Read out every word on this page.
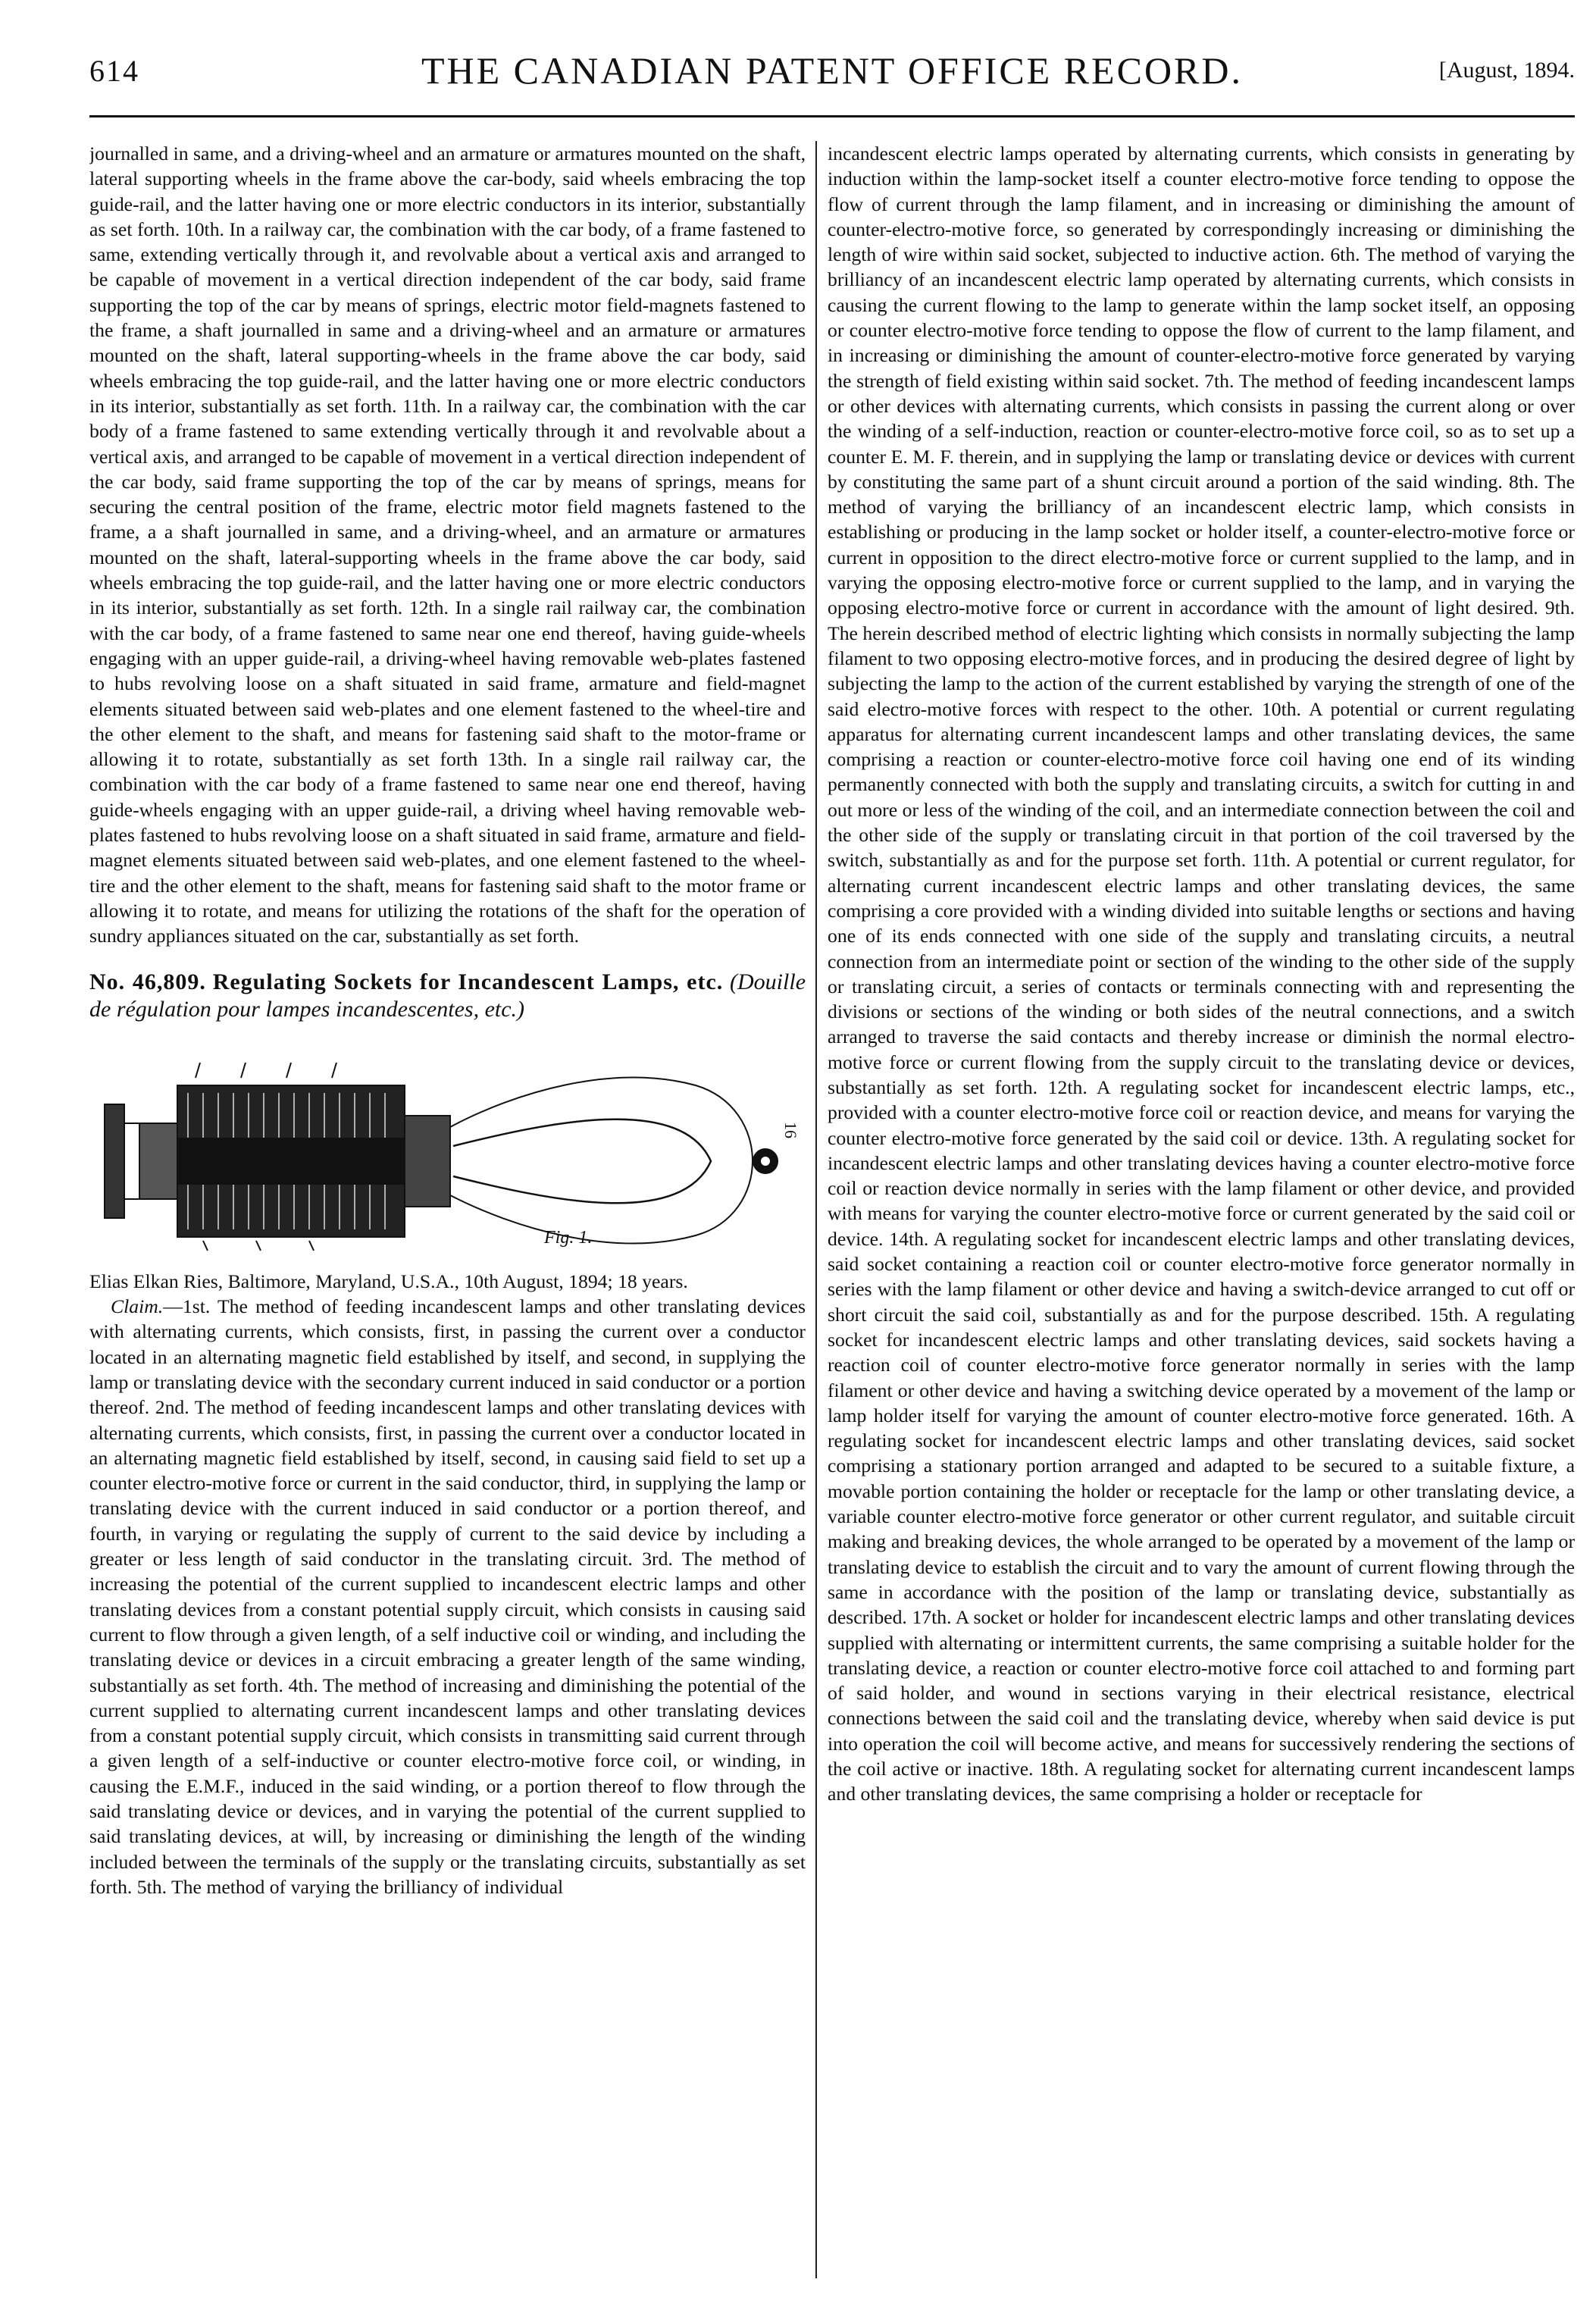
614	THE CANADIAN PATENT OFFICE RECORD.	[August, 1894.

journalled in same, and a driving-wheel and an armature or armatures mounted on the shaft, lateral supporting wheels in the frame above the car-body, said wheels embracing the top guide-rail, and the latter having one or more electric conductors in its interior, substantially as set forth. 10th. In a railway car, the combination with the car body, of a frame fastened to same, extending vertically through it, and revolvable about a vertical axis and arranged to be capable of movement in a vertical direction independent of the car body, said frame supporting the top of the car by means of springs, electric motor field-magnets fastened to the frame, a shaft journalled in same and a driving-wheel and an armature or armatures mounted on the shaft, lateral supporting-wheels in the frame above the car body, said wheels embracing the top guide-rail, and the latter having one or more electric conductors in its interior, substantially as set forth. 11th. In a railway car, the combination with the car body of a frame fastened to same extending vertically through it and revolvable about a vertical axis, and arranged to be capable of movement in a vertical direction independent of the car body, said frame supporting the top of the car by means of springs, means for securing the central position of the frame, electric motor field magnets fastened to the frame, a a shaft journalled in same, and a driving-wheel, and an armature or armatures mounted on the shaft, lateral-supporting wheels in the frame above the car body, said wheels embracing the top guide-rail, and the latter having one or more electric conductors in its interior, substantially as set forth. 12th. In a single rail railway car, the combination with the car body, of a frame fastened to same near one end thereof, having guide-wheels engaging with an upper guide-rail, a driving-wheel having removable web-plates fastened to hubs revolving loose on a shaft situated in said frame, armature and field-magnet elements situated between said web-plates and one element fastened to the wheel-tire and the other element to the shaft, and means for fastening said shaft to the motor-frame or allowing it to rotate, substantially as set forth 13th. In a single rail railway car, the combination with the car body of a frame fastened to same near one end thereof, having guide-wheels engaging with an upper guide-rail, a driving wheel having removable web-plates fastened to hubs revolving loose on a shaft situated in said frame, armature and field-magnet elements situated between said web-plates, and one element fastened to the wheel-tire and the other element to the shaft, means for fastening said shaft to the motor frame or allowing it to rotate, and means for utilizing the rotations of the shaft for the operation of sundry appliances situated on the car, substantially as set forth.

No. 46,809. Regulating Sockets for Incandescent Lamps, etc. (Douille de régulation pour lampes incandescentes, etc.)

Fig. 1.
16

Elias Elkan Ries, Baltimore, Maryland, U.S.A., 10th August, 1894; 18 years.

Claim.—1st. The method of feeding incandescent lamps and other translating devices with alternating currents, which consists, first, in passing the current over a conductor located in an alternating magnetic field established by itself, and second, in supplying the lamp or translating device with the secondary current induced in said conductor or a portion thereof. 2nd. The method of feeding incandescent lamps and other translating devices with alternating currents, which consists, first, in passing the current over a conductor located in an alternating magnetic field established by itself, second, in causing said field to set up a counter electro-motive force or current in the said conductor, third, in supplying the lamp or translating device with the current induced in said conductor or a portion thereof, and fourth, in varying or regulating the supply of current to the said device by including a greater or less length of said conductor in the translating circuit. 3rd. The method of increasing the potential of the current supplied to incandescent electric lamps and other translating devices from a constant potential supply circuit, which consists in causing said current to flow through a given length, of a self inductive coil or winding, and including the translating device or devices in a circuit embracing a greater length of the same winding, substantially as set forth. 4th. The method of increasing and diminishing the potential of the current supplied to alternating current incandescent lamps and other translating devices from a constant potential supply circuit, which consists in transmitting said current through a given length of a self-inductive or counter electro-motive force coil, or winding, in causing the E.M.F., induced in the said winding, or a portion thereof to flow through the said translating device or devices, and in varying the potential of the current supplied to said translating devices, at will, by increasing or diminishing the length of the winding included between the terminals of the supply or the translating circuits, substantially as set forth. 5th. The method of varying the brilliancy of individual

incandescent electric lamps operated by alternating currents, which consists in generating by induction within the lamp-socket itself a counter electro-motive force tending to oppose the flow of current through the lamp filament, and in increasing or diminishing the amount of counter-electro-motive force, so generated by correspondingly increasing or diminishing the length of wire within said socket, subjected to inductive action. 6th. The method of varying the brilliancy of an incandescent electric lamp operated by alternating currents, which consists in causing the current flowing to the lamp to generate within the lamp socket itself, an opposing or counter electro-motive force tending to oppose the flow of current to the lamp filament, and in increasing or diminishing the amount of counter-electro-motive force generated by varying the strength of field existing within said socket. 7th. The method of feeding incandescent lamps or other devices with alternating currents, which consists in passing the current along or over the winding of a self-induction, reaction or counter-electro-motive force coil, so as to set up a counter E. M. F. therein, and in supplying the lamp or translating device or devices with current by constituting the same part of a shunt circuit around a portion of the said winding. 8th. The method of varying the brilliancy of an incandescent electric lamp, which consists in establishing or producing in the lamp socket or holder itself, a counter-electro-motive force or current in opposition to the direct electro-motive force or current supplied to the lamp, and in varying the opposing electro-motive force or current supplied to the lamp, and in varying the opposing electro-motive force or current in accordance with the amount of light desired. 9th. The herein described method of electric lighting which consists in normally subjecting the lamp filament to two opposing electro-motive forces, and in producing the desired degree of light by subjecting the lamp to the action of the current established by varying the strength of one of the said electro-motive forces with respect to the other. 10th. A potential or current regulating apparatus for alternating current incandescent lamps and other translating devices, the same comprising a reaction or counter-electro-motive force coil having one end of its winding permanently connected with both the supply and translating circuits, a switch for cutting in and out more or less of the winding of the coil, and an intermediate connection between the coil and the other side of the supply or translating circuit in that portion of the coil traversed by the switch, substantially as and for the purpose set forth. 11th. A potential or current regulator, for alternating current incandescent electric lamps and other translating devices, the same comprising a core provided with a winding divided into suitable lengths or sections and having one of its ends connected with one side of the supply and translating circuits, a neutral connection from an intermediate point or section of the winding to the other side of the supply or translating circuit, a series of contacts or terminals connecting with and representing the divisions or sections of the winding or both sides of the neutral connections, and a switch arranged to traverse the said contacts and thereby increase or diminish the normal electro-motive force or current flowing from the supply circuit to the translating device or devices, substantially as set forth. 12th. A regulating socket for incandescent electric lamps, etc., provided with a counter electro-motive force coil or reaction device, and means for varying the counter electro-motive force generated by the said coil or device. 13th. A regulating socket for incandescent electric lamps and other translating devices having a counter electro-motive force coil or reaction device normally in series with the lamp filament or other device, and provided with means for varying the counter electro-motive force or current generated by the said coil or device. 14th. A regulating socket for incandescent electric lamps and other translating devices, said socket containing a reaction coil or counter electro-motive force generator normally in series with the lamp filament or other device and having a switch-device arranged to cut off or short circuit the said coil, substantially as and for the purpose described. 15th. A regulating socket for incandescent electric lamps and other translating devices, said sockets having a reaction coil of counter electro-motive force generator normally in series with the lamp filament or other device and having a switching device operated by a movement of the lamp or lamp holder itself for varying the amount of counter electro-motive force generated. 16th. A regulating socket for incandescent electric lamps and other translating devices, said socket comprising a stationary portion arranged and adapted to be secured to a suitable fixture, a movable portion containing the holder or receptacle for the lamp or other translating device, a variable counter electro-motive force generator or other current regulator, and suitable circuit making and breaking devices, the whole arranged to be operated by a movement of the lamp or translating device to establish the circuit and to vary the amount of current flowing through the same in accordance with the position of the lamp or translating device, substantially as described. 17th. A socket or holder for incandescent electric lamps and other translating devices supplied with alternating or intermittent currents, the same comprising a suitable holder for the translating device, a reaction or counter electro-motive force coil attached to and forming part of said holder, and wound in sections varying in their electrical resistance, electrical connections between the said coil and the translating device, whereby when said device is put into operation the coil will become active, and means for successively rendering the sections of the coil active or inactive. 18th. A regulating socket for alternating current incandescent lamps and other translating devices, the same comprising a holder or receptacle for
